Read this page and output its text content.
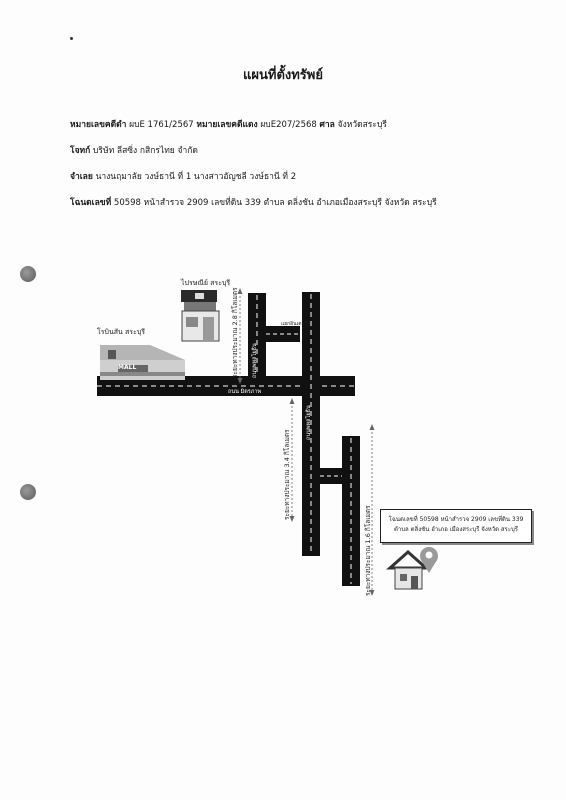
แผนที่ตั้งทรัพย์
หมายเลขคดีดำ ผบE 1761/2567 หมายเลขคดีแดง ผบE207/2568 ศาล จังหวัดสระบุรี
โจทก์ บริษัท ลีสซิ่ง กสิกรไทย จำกัด
จำเลย นางนฤมาลัย วงษ์ธานี ที่ 1 นางสาวอัญชลี วงษ์ธานี ที่ 2
โฉนดเลขที่ 50598 หน้าสำรวจ 2909 เลขที่ดิน 339 ตำบล ตลิ่งชัน อำเภอเมืองสระบุรี จังหวัด สระบุรี
ไปรษณีย์ สระบุรี
โรบินสัน สระบุรี
MALL
ถนน มิตรภาพ
แยกอินเตอร์
ถนนพหลโยธิน
ถนนพหลโยธิน
ระยะทางประมาณ 2.8 กิโลเมตร
ระยะทางประมาณ 3.4 กิโลเมตร
ระยะทางประมาณ 1.6 กิโลเมตร	โฉนดเลขที่ 50598 หน้าสำรวจ 2909 เลขที่ดิน 339
ตำบล ตลิ่งชัน อำเภอ เมืองสระบุรี จังหวัด สระบุรี
